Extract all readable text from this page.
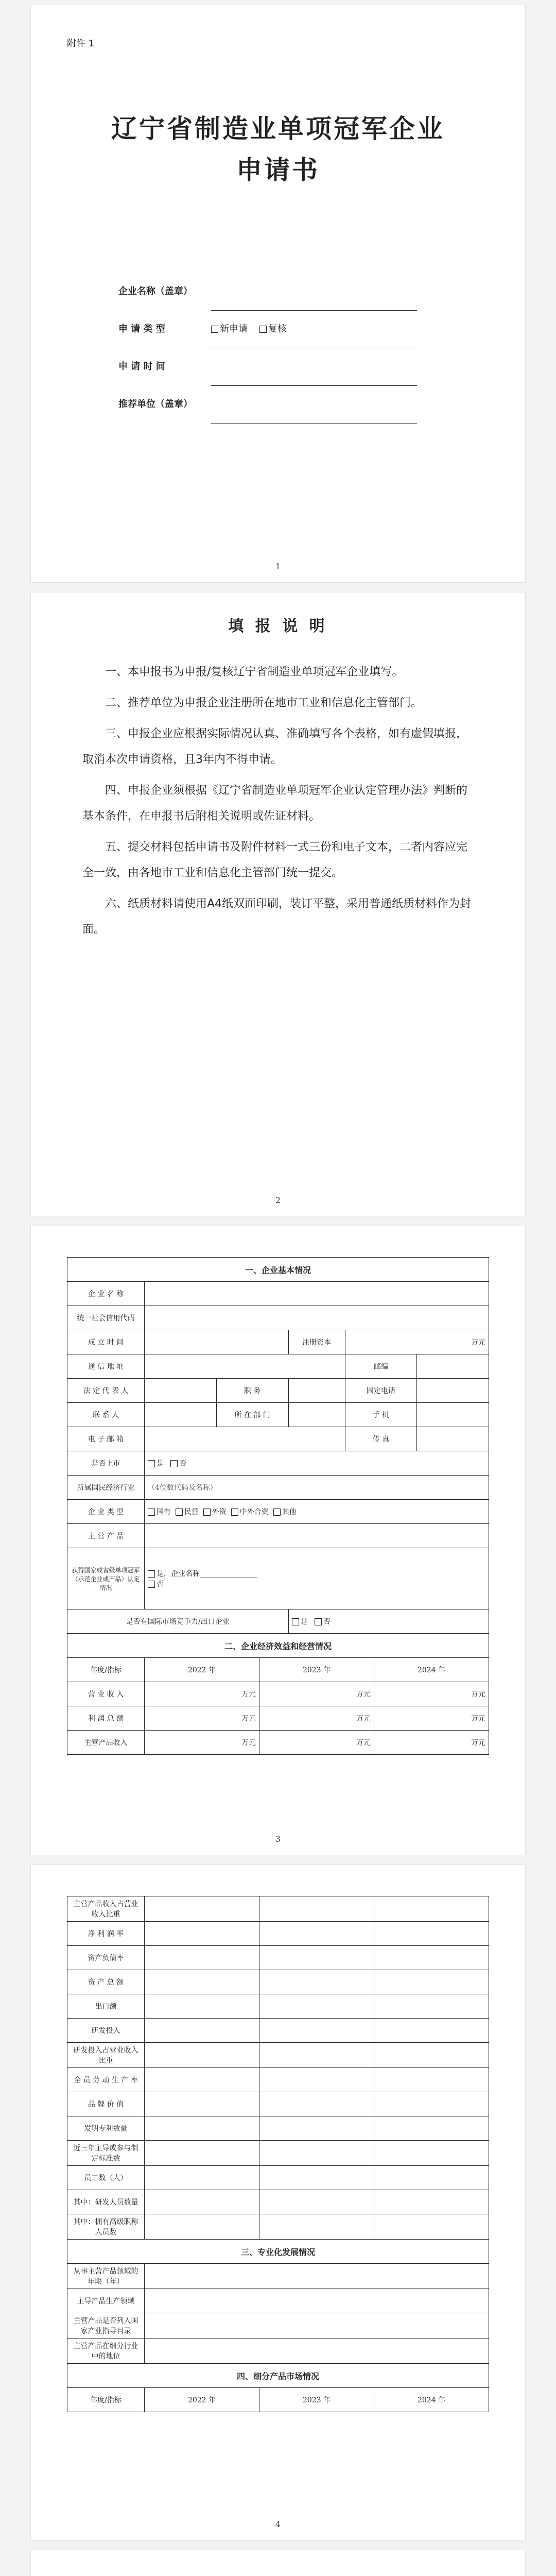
附件 1
辽宁省制造业单项冠军企业
申请书
企业名称（盖章）
申 请 类 型	新申请 复核
申 请 时 间
推荐单位（盖章）
1
填 报 说 明

一、本申报书为申报/复核辽宁省制造业单项冠军企业填写。

二、推荐单位为申报企业注册所在地市工业和信息化主管部门。

三、申报企业应根据实际情况认真、准确填写各个表格，如有虚假填报，取消本次申请资格，且3年内不得申请。

四、申报企业须根据《辽宁省制造业单项冠军企业认定管理办法》判断的基本条件，在申报书后附相关说明或佐证材料。

五、提交材料包括申请书及附件材料一式三份和电子文本，二者内容应完全一致，由各地市工业和信息化主管部门统一提交。

六、纸质材料请使用A4纸双面印刷，装订平整，采用普通纸质材料作为封面。

2
一、企业基本情况					
企 业 名 称					
统一社会信用代码					
成 立 时 间			注册资本	万元	
通 信 地 址				邮编	
法 定 代 表 人		职 务		固定电话	
联 系 人		所 在 部 门		手 机	
电 子 邮 箱				传 真	
是否上市	是 否				
所属国民经济行业	（4位数代码及名称）				
企 业 类 型	国有 民营 外资 中外合资 其他				
主 营 产 品					
获得国家或省级单项冠军（示范企业或产品）认定情况	是，企业名称________________
否				
是否有国际市场竞争力/出口企业			是 否		
二、企业经济效益和经营情况			
年度/指标	2022 年	2023 年	2024 年
营 业 收 入	万元	万元	万元
利 润 总 额	万元	万元	万元
主营产品收入	万元	万元	万元
3
主营产品收入占营业收入比重			
净 利 润 率			
资产负债率			
资 产 总 额			
出口额			
研发投入			
研发投入占营业收入比重			
全 员 劳 动 生 产 率			
品 牌 价 值			
发明专利数量			
近三年主导或参与制定标准数			
员工数（人）			
其中：研发人员数量			
其中：拥有高级职称人员数			
三、专业化发展情况	
从事主营产品领域的年限（年）	
主导产品生产领域	
主营产品是否列入国家产业指导目录	
主营产品在细分行业中的地位	
四、细分产品市场情况
年度/指标	2022 年	2023 年	2024 年
4
